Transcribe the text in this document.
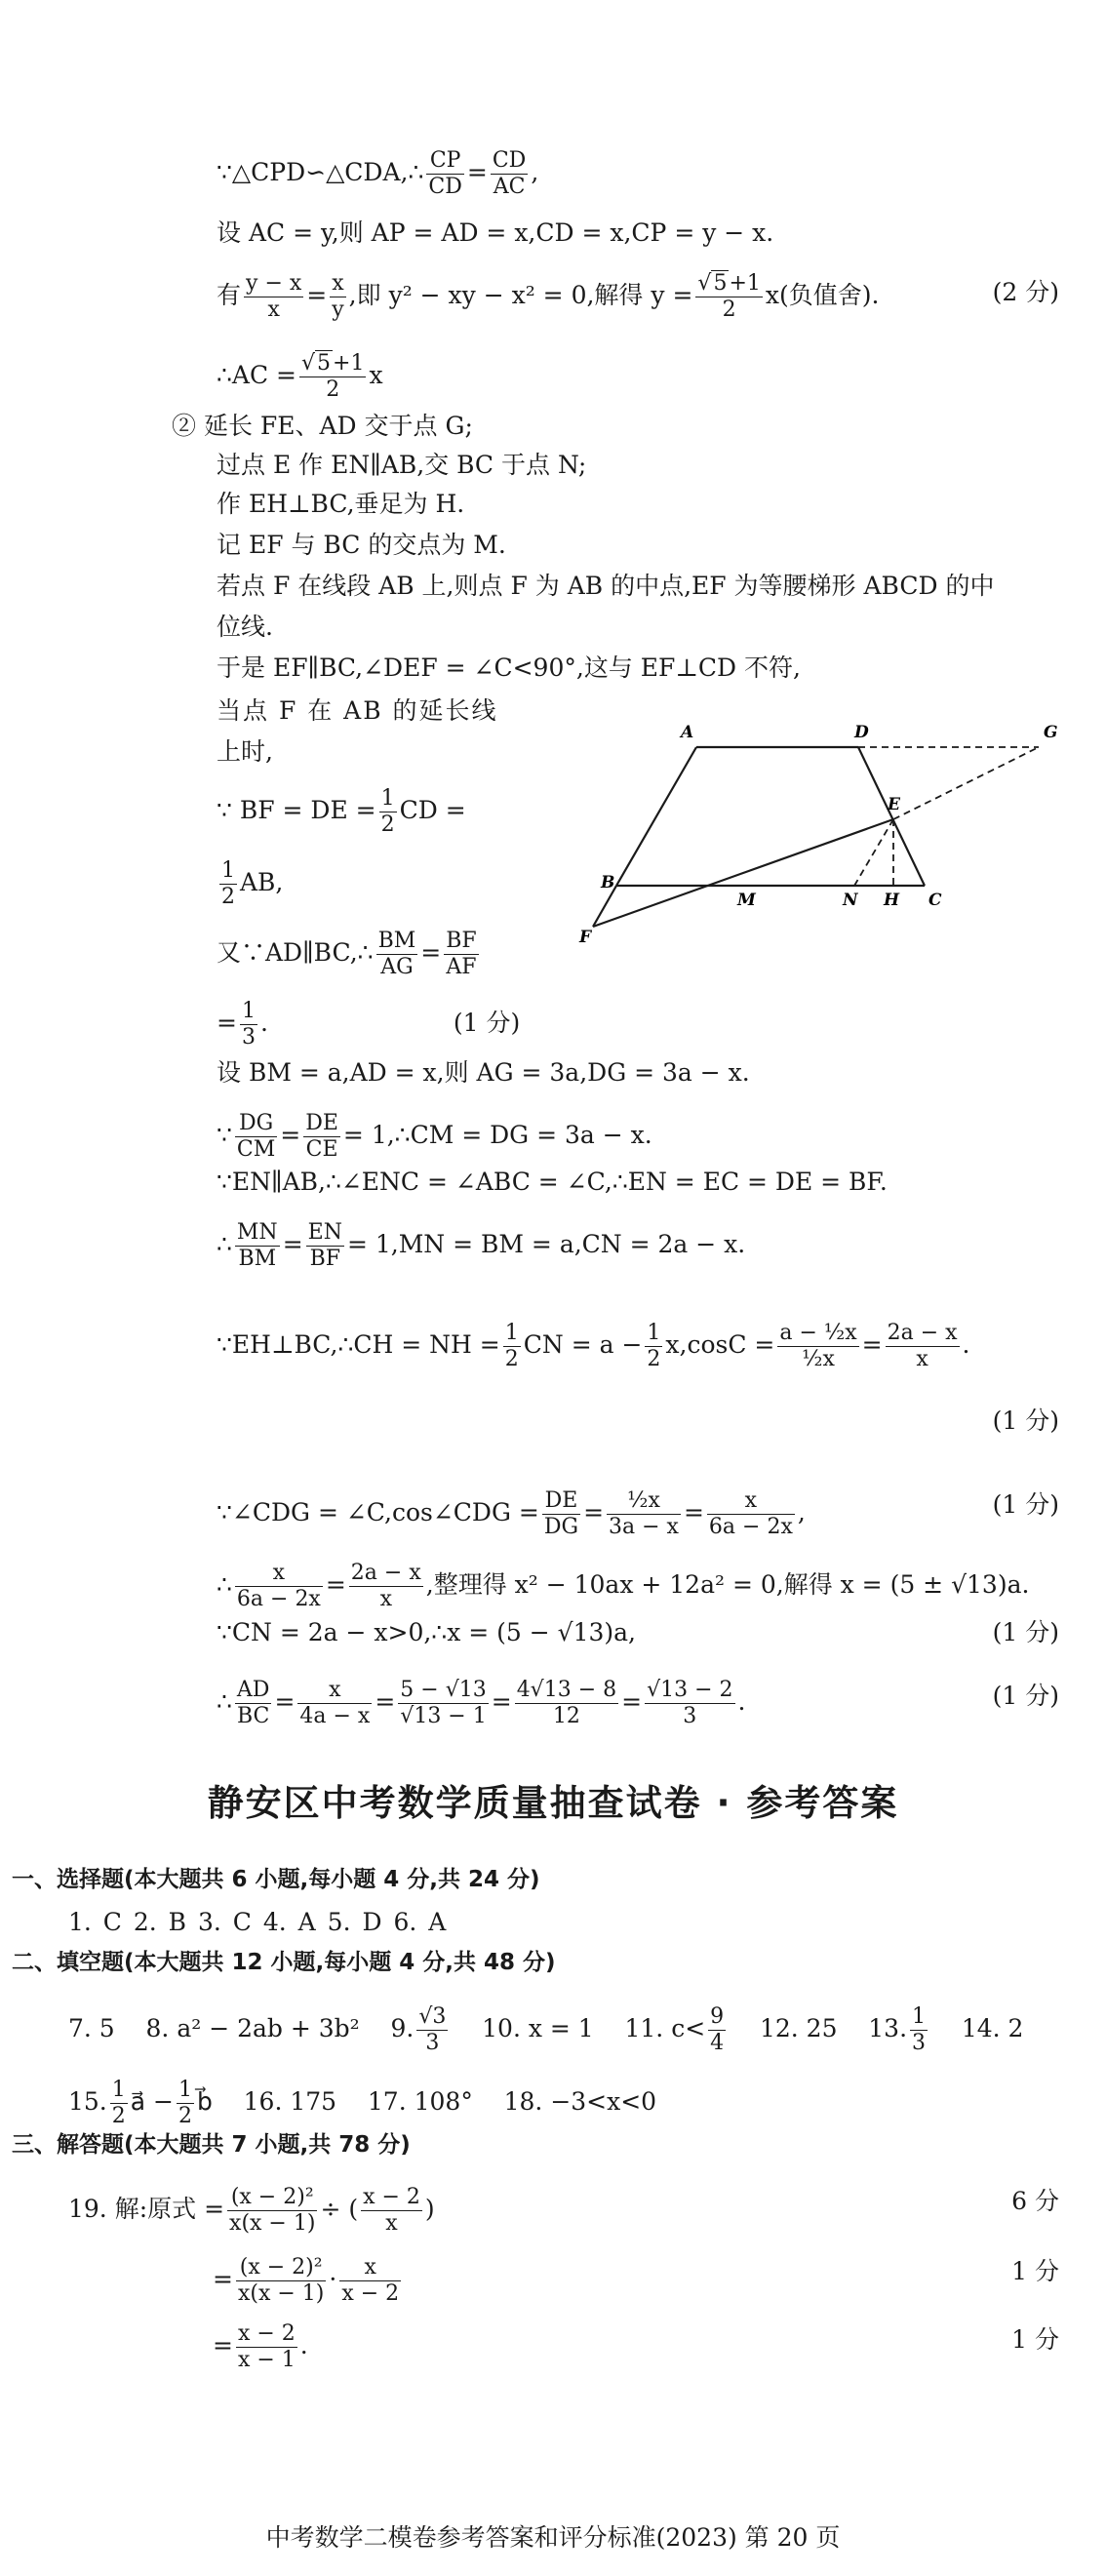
∵△CPD∽△CDA,∴ $\frac{CP}{CD} = \frac{CD}{AC}$ ,
设 AC = y,则 AP = AD = x,CD = x,CP = y − x.
有 $\frac{y - x}{x} = \frac{x}{y}$ ,即 y² − xy − x² = 0,解得 $y = \frac{√5+1}{2} x$(负值舍).	(2 分)
∴AC = $\frac{√5+1}{2}$ x
② 延长 FE、AD 交于点 G;
过点 E 作 EN∥AB,交 BC 于点 N;
作 EH⊥BC,垂足为 H.
记 EF 与 BC 的交点为 M.
若点 F 在线段 AB 上,则点 F 为 AB 的中点,EF 为等腰梯形 ABCD 的中
位线.
于是 EF∥BC,∠DEF = ∠C<90°,这与 EF⊥CD 不符,
当点 F 在 AB 的延长线
上时,
∵ BF = DE = $\frac{1}{2}$ CD =
$\frac{1}{2}$ AB,
又∵AD∥BC,∴ $\frac{BM}{AG} = \frac{BF}{AF}$
= $\frac{1}{3}$ .	(1 分)
A	D	G
E
B
M	N H C
F
设 BM = a,AD = x,则 AG = 3a,DG = 3a − x.
∵ $\frac{DG}{CM} = \frac{DE}{CE}$ = 1,∴CM = DG = 3a − x.
∵EN∥AB,∴∠ENC = ∠ABC = ∠C,∴EN = EC = DE = BF.
∴ $\frac{MN}{BM} = \frac{EN}{BF} = 1,MN$ = BM = a,CN = 2a − x.
∵EH⊥BC,∴CH = NH = $\frac{1}{2}$ CN = $a - \frac{1}{2} x,\cos C = \frac{\text{a − ½x}}{\text{½x}} = \frac{2a - x}{x}$ .
(1 分)
∵∠CDG = ∠C,cos∠CDG = $\frac{DE}{DG} = \frac{\text{½x}}{3a - x} = \frac{x}{6a - 2x}$ ,	(1 分)
∴ $\frac{x}{6a - 2x} = \frac{2a - x}{x}$ ,整理得 x² − 10ax + 12a² = 0,解得 x = (5 ± √13)a.
∵CN = 2a − x>0,∴x = (5 − √13)a,	(1 分)
∴ $\frac{AD}{BC} = \frac{x}{4a - x} = \frac{5 - √13}{√13 - 1} = \frac{4√13 - 8}{12} = \frac{√13 - 2}{3}$ .	(1 分)
静安区中考数学质量抽查试卷 · 参考答案
一、选择题(本大题共 6 小题,每小题 4 分,共 24 分)
1. C 2. B 3. C 4. A 5. D 6. A
二、填空题(本大题共 12 小题,每小题 4 分,共 48 分)
7. 5 8. a² − 2ab + 3b² 9. $\frac{√3}{3} 10$. x = 1 11. $c< \frac{9}{4} 12$. 25 13. $\frac{1}{3} 14$. 2
15. $\frac{1}{2}$ a⃗ − $\frac{1}{2}$ b⃗ 16. 175 17. 108° 18. −3<x<0
三、解答题(本大题共 7 小题,共 78 分)
19. 解:原式 = $\frac{\text{(x − 2)²}}{x(x - 1)}$ ÷ ( $\frac{x - 2}{x}$ )	6 分
= $\frac{\text{(x − 2)²}}{x(x - 1)} \cdot \frac{x}{x - 2}$	1 分
= $\frac{x - 2}{x - 1}$ .	1 分
中考数学二模卷参考答案和评分标准(2023) 第 20 页
